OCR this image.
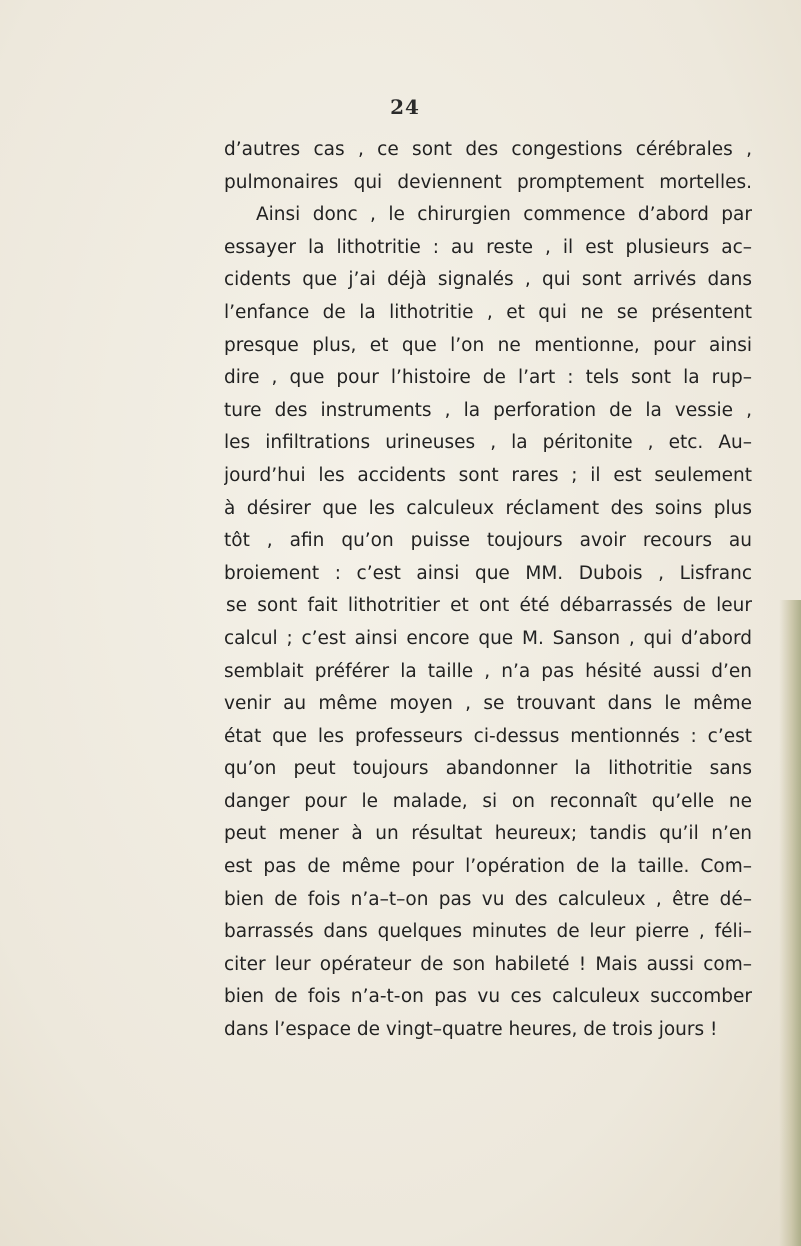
24
d’autres cas , ce sont des congestions cérébrales ,
pulmonaires qui deviennent promptement mortelles.
Ainsi donc , le chirurgien commence d’abord par
essayer la lithotritie : au reste , il est plusieurs ac–
cidents que j’ai déjà signalés , qui sont arrivés dans
l’enfance de la lithotritie , et qui ne se présentent
presque plus, et que l’on ne mentionne, pour ainsi
dire , que pour l’histoire de l’art : tels sont la rup–
ture des instruments , la perforation de la vessie ,
les infiltrations urineuses , la péritonite , etc. Au–
jourd’hui les accidents sont rares ; il est seulement
à désirer que les calculeux réclament des soins plus
tôt , afin qu’on puisse toujours avoir recours au
broiement : c’est ainsi que MM. Dubois , Lisfranc
se sont fait lithotritier et ont été débarrassés de leur
calcul ; c’est ainsi encore que M. Sanson , qui d’abord
semblait préférer la taille , n’a pas hésité aussi d’en
venir au même moyen , se trouvant dans le même
état que les professeurs ci-dessus mentionnés : c’est
qu’on peut toujours abandonner la lithotritie sans
danger pour le malade, si on reconnaît qu’elle ne
peut mener à un résultat heureux; tandis qu’il n’en
est pas de même pour l’opération de la taille. Com–
bien de fois n’a–t–on pas vu des calculeux , être dé–
barrassés dans quelques minutes de leur pierre , féli–
citer leur opérateur de son habileté ! Mais aussi com–
bien de fois n’a-t-on pas vu ces calculeux succomber
dans l’espace de vingt–quatre heures, de trois jours !
